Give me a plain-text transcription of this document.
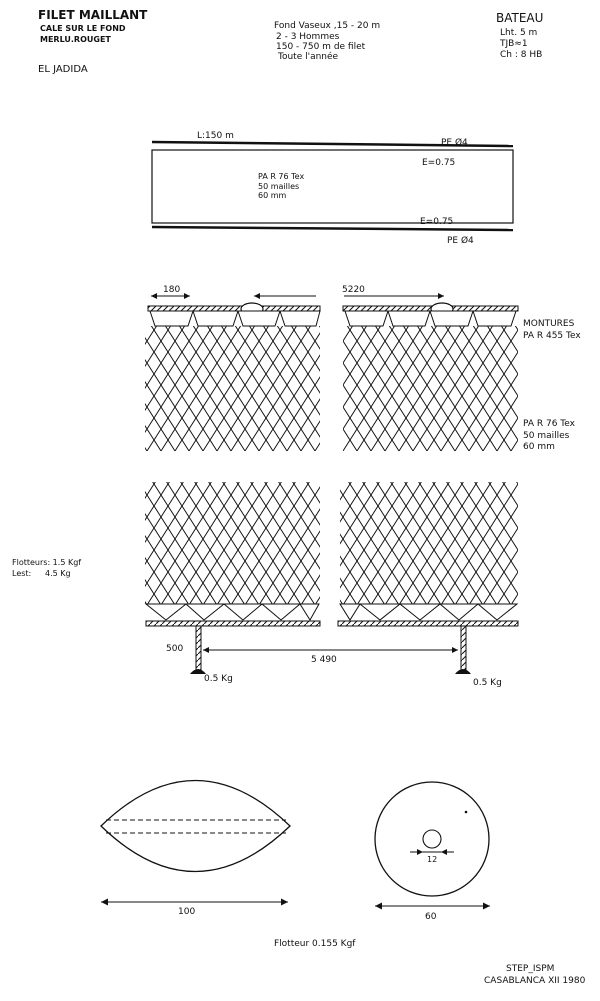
FILET MAILLANT
CALE SUR LE FOND
MERLU.ROUGET
EL JADIDA
Fond Vaseux ,15 - 20 m
2 - 3 Hommes
150 - 750 m de filet
Toute l'année
BATEAU
Lht. 5 m
TJB≈1
Ch : 8 HB
L:150 m
PE Ø4
E=0.75
PA R 76 Tex
50 mailles
60 mm
E=0.75
PE Ø4
180	5220
MONTURES
PA R 455 Tex
PA R 76 Tex
50 mailles
60 mm
500
5 490
0.5 Kg	0.5 Kg
Flotteurs: 1.5 Kgf
Lest: 4.5 Kg
100
12
60
Flotteur 0.155 Kgf
STEP_ISPM
CASABLANCA XII 1980
